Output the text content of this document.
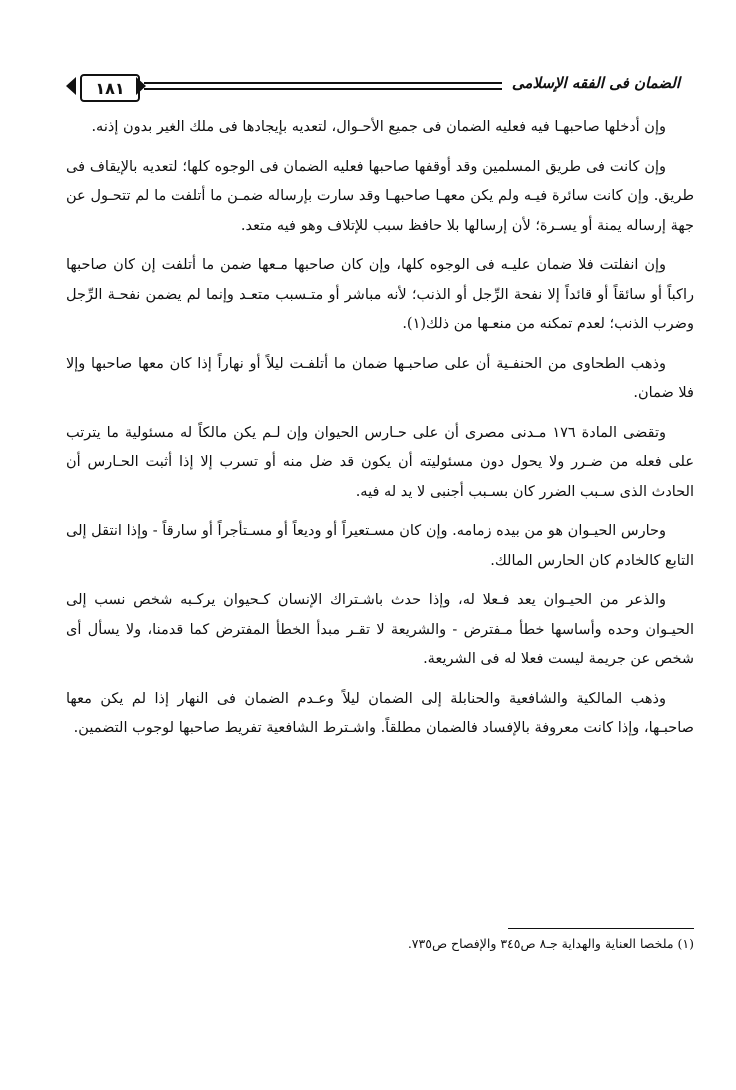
الضمان فى الفقه الإسلامى
١٨١

وإن أدخلها صاحبهـا فيه فعليه الضمان فى جميع الأحـوال، لتعديه بإيجادها فى ملك الغير بدون إذنه.

وإن كانت فى طريق المسلمين وقد أوقفها صاحبها فعليه الضمان فى الوجوه كلها؛ لتعديه بالإيقاف فى طريق. وإن كانت سائرة فيـه ولم يكن معهـا صاحبهـا وقد سارت بإرساله ضمـن ما أتلفت ما لم تتحـول عن جهة إرساله يمنة أو يسـرة؛ لأن إرسالها بلا حافظ سبب للإتلاف وهو فيه متعد.

وإن انفلتت فلا ضمان عليـه فى الوجوه كلها، وإن كان صاحبها مـعها ضمن ما أتلفت إن كان صاحبها راكباً أو سائقاً أو قائداً إلا نفحة الرِّجل أو الذنب؛ لأنه مباشر أو متـسبب متعـد وإنما لم يضمن نفحـة الرِّجل وضرب الذنب؛ لعدم تمكنه من منعـها من ذلك(١).

وذهب الطحاوى من الحنفـية أن على صاحبـها ضمان ما أتلفـت ليلاً أو نهاراً إذا كان معها صاحبها وإلا فلا ضمان.

وتقضى المادة ١٧٦ مـدنى مصرى أن على حـارس الحيوان وإن لـم يكن مالكاً له مسئولية ما يترتب على فعله من ضـرر ولا يحول دون مسئوليته أن يكون قد ضل منه أو تسرب إلا إذا أثبت الحـارس أن الحادث الذى سـبب الضرر كان بسـبب أجنبى لا يد له فيه.

وحارس الحيـوان هو من بيده زمامه. وإن كان مسـتعيراً أو وديعاً أو مسـتأجراً أو سارقاً - وإذا انتقل إلى التابع كالخادم كان الحارس المالك.

والذعر من الحيـوان يعد فـعلا له، وإذا حدث باشـتراك الإنسان كـحيوان يركـبه شخص نسب إلى الحيـوان وحده وأساسها خطأ مـفترض - والشريعة لا تقـر مبدأ الخطأ المفترض كما قدمنا، ولا يسأل أى شخص عن جريمة ليست فعلا له فى الشريعة.

وذهب المالكية والشافعية والحنابلة إلى الضمان ليلاً وعـدم الضمان فى النهار إذا لم يكن معها صاحبـها، وإذا كانت معروفة بالإفساد فالضمان مطلقاً. واشـترط الشافعية تفريط صاحبها لوجوب التضمين.

(١) ملخصا العناية والهداية جـ٨ ص٣٤٥ والإفصاح ص٧٣٥.
